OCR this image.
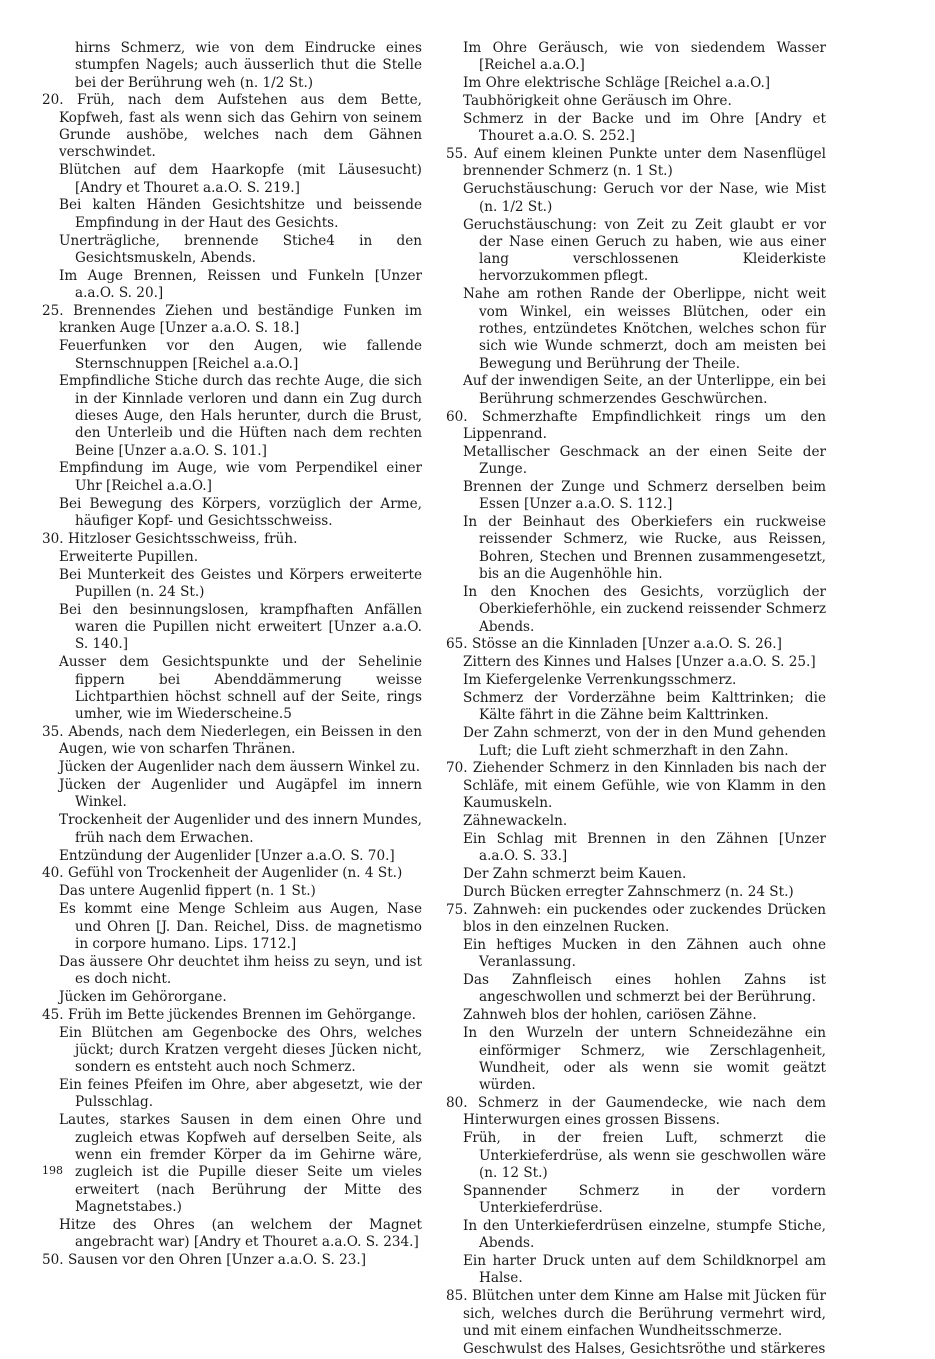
hirns Schmerz, wie von dem Eindrucke eines stumpfen Nagels; auch äusserlich thut die Stelle bei der Berührung weh (n. 1/2 St.)

20. Früh, nach dem Aufstehen aus dem Bette, Kopfweh, fast als wenn sich das Gehirn von seinem Grunde aushöbe, welches nach dem Gähnen verschwindet.

Blütchen auf dem Haarkopfe (mit Läusesucht) [Andry et Thouret a.a.O. S. 219.]

Bei kalten Händen Gesichtshitze und beissende Empfindung in der Haut des Gesichts.

Unerträgliche, brennende Stiche4 in den Gesichtsmuskeln, Abends.

Im Auge Brennen, Reissen und Funkeln [Unzer a.a.O. S. 20.]

25. Brennendes Ziehen und beständige Funken im kranken Auge [Unzer a.a.O. S. 18.]

Feuerfunken vor den Augen, wie fallende Sternschnuppen [Reichel a.a.O.]

Empfindliche Stiche durch das rechte Auge, die sich in der Kinnlade verloren und dann ein Zug durch dieses Auge, den Hals herunter, durch die Brust, den Unterleib und die Hüften nach dem rechten Beine [Unzer a.a.O. S. 101.]

Empfindung im Auge, wie vom Perpendikel einer Uhr [Reichel a.a.O.]

Bei Bewegung des Körpers, vorzüglich der Arme, häufiger Kopf- und Gesichtsschweiss.

30. Hitzloser Gesichtsschweiss, früh.

Erweiterte Pupillen.

Bei Munterkeit des Geistes und Körpers erweiterte Pupillen (n. 24 St.)

Bei den besinnungslosen, krampfhaften Anfällen waren die Pupillen nicht erweitert [Unzer a.a.O. S. 140.]

Ausser dem Gesichtspunkte und der Sehelinie fippern bei Abenddämmerung weisse Lichtparthien höchst schnell auf der Seite, rings umher, wie im Wiederscheine.5

35. Abends, nach dem Niederlegen, ein Beissen in den Augen, wie von scharfen Thränen.

Jücken der Augenlider nach dem äussern Winkel zu.

Jücken der Augenlider und Augäpfel im innern Winkel.

Trockenheit der Augenlider und des innern Mundes, früh nach dem Erwachen.

Entzündung der Augenlider [Unzer a.a.O. S. 70.]

40. Gefühl von Trockenheit der Augenlider (n. 4 St.)

Das untere Augenlid fippert (n. 1 St.)

Es kommt eine Menge Schleim aus Augen, Nase und Ohren [J. Dan. Reichel, Diss. de magnetismo in corpore humano. Lips. 1712.]

Das äussere Ohr deuchtet ihm heiss zu seyn, und ist es doch nicht.

Jücken im Gehörorgane.

45. Früh im Bette jückendes Brennen im Gehörgange.

Ein Blütchen am Gegenbocke des Ohrs, welches jückt; durch Kratzen vergeht dieses Jücken nicht, sondern es entsteht auch noch Schmerz.

Ein feines Pfeifen im Ohre, aber abgesetzt, wie der Pulsschlag.

Lautes, starkes Sausen in dem einen Ohre und zugleich etwas Kopfweh auf derselben Seite, als wenn ein fremder Körper da im Gehirne wäre, zugleich ist die Pupille dieser Seite um vieles erweitert (nach Berührung der Mitte des Magnetstabes.)

Hitze des Ohres (an welchem der Magnet angebracht war) [Andry et Thouret a.a.O. S. 234.]

50. Sausen vor den Ohren [Unzer a.a.O. S. 23.]

Im Ohre Geräusch, wie von siedendem Wasser [Reichel a.a.O.]

Im Ohre elektrische Schläge [Reichel a.a.O.]

Taubhörigkeit ohne Geräusch im Ohre.

Schmerz in der Backe und im Ohre [Andry et Thouret a.a.O. S. 252.]

55. Auf einem kleinen Punkte unter dem Nasenflügel brennender Schmerz (n. 1 St.)

Geruchstäuschung: Geruch vor der Nase, wie Mist (n. 1/2 St.)

Geruchstäuschung: von Zeit zu Zeit glaubt er vor der Nase einen Geruch zu haben, wie aus einer lang verschlossenen Kleiderkiste hervorzukommen pflegt.

Nahe am rothen Rande der Oberlippe, nicht weit vom Winkel, ein weisses Blütchen, oder ein rothes, entzündetes Knötchen, welches schon für sich wie Wunde schmerzt, doch am meisten bei Bewegung und Berührung der Theile.

Auf der inwendigen Seite, an der Unterlippe, ein bei Berührung schmerzendes Geschwürchen.

60. Schmerzhafte Empfindlichkeit rings um den Lippenrand.

Metallischer Geschmack an der einen Seite der Zunge.

Brennen der Zunge und Schmerz derselben beim Essen [Unzer a.a.O. S. 112.]

In der Beinhaut des Oberkiefers ein ruckweise reissender Schmerz, wie Rucke, aus Reissen, Bohren, Stechen und Brennen zusammengesetzt, bis an die Augenhöhle hin.

In den Knochen des Gesichts, vorzüglich der Oberkieferhöhle, ein zuckend reissender Schmerz Abends.

65. Stösse an die Kinnladen [Unzer a.a.O. S. 26.]

Zittern des Kinnes und Halses [Unzer a.a.O. S. 25.]

Im Kiefergelenke Verrenkungsschmerz.

Schmerz der Vorderzähne beim Kalttrinken; die Kälte fährt in die Zähne beim Kalttrinken.

Der Zahn schmerzt, von der in den Mund gehenden Luft; die Luft zieht schmerzhaft in den Zahn.

70. Ziehender Schmerz in den Kinnladen bis nach der Schläfe, mit einem Gefühle, wie von Klamm in den Kaumuskeln.

Zähnewackeln.

Ein Schlag mit Brennen in den Zähnen [Unzer a.a.O. S. 33.]

Der Zahn schmerzt beim Kauen.

Durch Bücken erregter Zahnschmerz (n. 24 St.)

75. Zahnweh: ein puckendes oder zuckendes Drücken blos in den einzelnen Rucken.

Ein heftiges Mucken in den Zähnen auch ohne Veranlassung.

Das Zahnfleisch eines hohlen Zahns ist angeschwollen und schmerzt bei der Berührung.

Zahnweh blos der hohlen, cariösen Zähne.

In den Wurzeln der untern Schneidezähne ein einförmiger Schmerz, wie Zerschlagenheit, Wundheit, oder als wenn sie womit geätzt würden.

80. Schmerz in der Gaumendecke, wie nach dem Hinterwurgen eines grossen Bissens.

Früh, in der freien Luft, schmerzt die Unterkieferdrüse, als wenn sie geschwollen wäre (n. 12 St.)

Spannender Schmerz in der vordern Unterkieferdrüse.

In den Unterkieferdrüsen einzelne, stumpfe Stiche, Abends.

Ein harter Druck unten auf dem Schildknorpel am Halse.

85. Blütchen unter dem Kinne am Halse mit Jücken für sich, welches durch die Berührung vermehrt wird, und mit einem einfachen Wundheitsschmerze.

Geschwulst des Halses, Gesichtsröthe und stärkeres

198
